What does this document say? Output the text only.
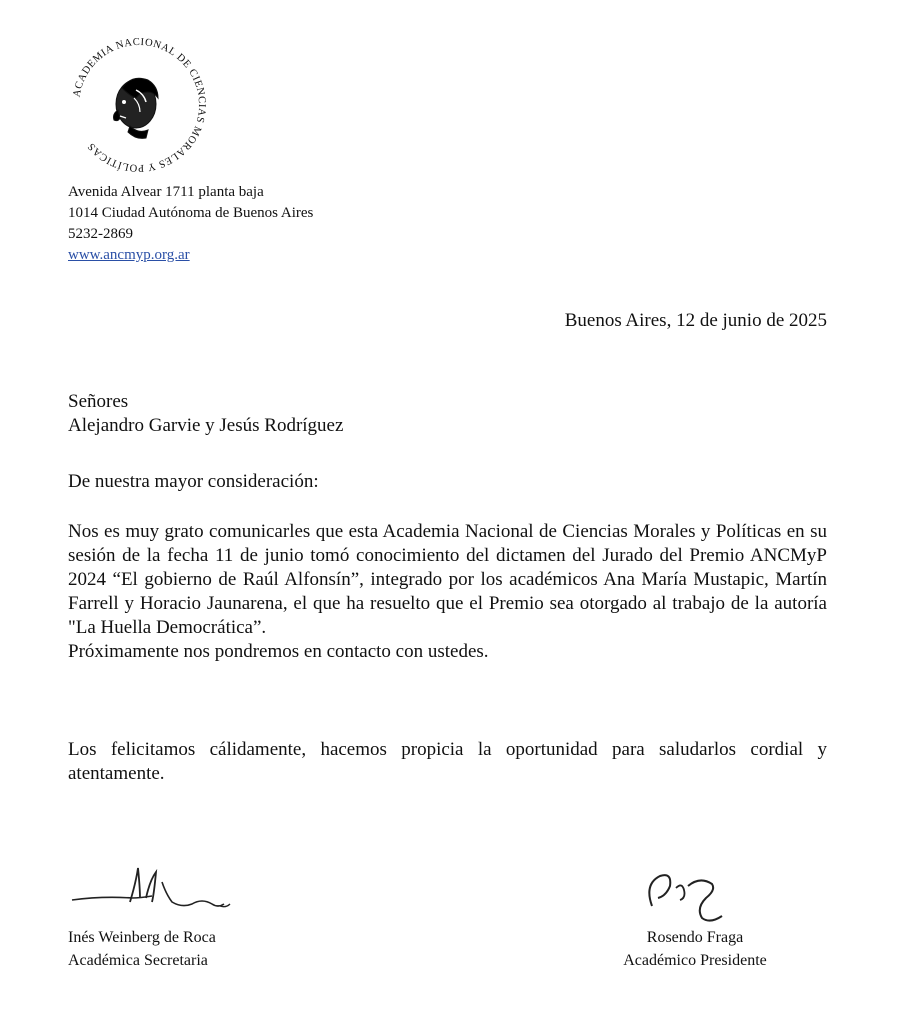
ACADEMIA NACIONAL DE CIENCIAS MORALES Y POLÍTICAS
Avenida Alvear 1711 planta baja
1014 Ciudad Autónoma de Buenos Aires
5232-2869
www.ancmyp.org.ar
Buenos Aires, 12 de junio de 2025
Señores
Alejandro Garvie y Jesús Rodríguez
De nuestra mayor consideración:
Nos es muy grato comunicarles que esta Academia Nacional de Ciencias Morales y Políticas en su sesión de la fecha 11 de junio tomó conocimiento del dictamen del Jurado del Premio ANCMyP 2024 “El gobierno de Raúl Alfonsín”, integrado por los académicos Ana María Mustapic, Martín Farrell y Horacio Jaunarena, el que ha resuelto que el Premio sea otorgado al trabajo de la autoría "La Huella Democrática”.
Próximamente nos pondremos en contacto con ustedes.
Los felicitamos cálidamente, hacemos propicia la oportunidad para saludarlos cordial y atentamente.
Inés Weinberg de Roca
Académica Secretaria
Rosendo Fraga
Académico Presidente
